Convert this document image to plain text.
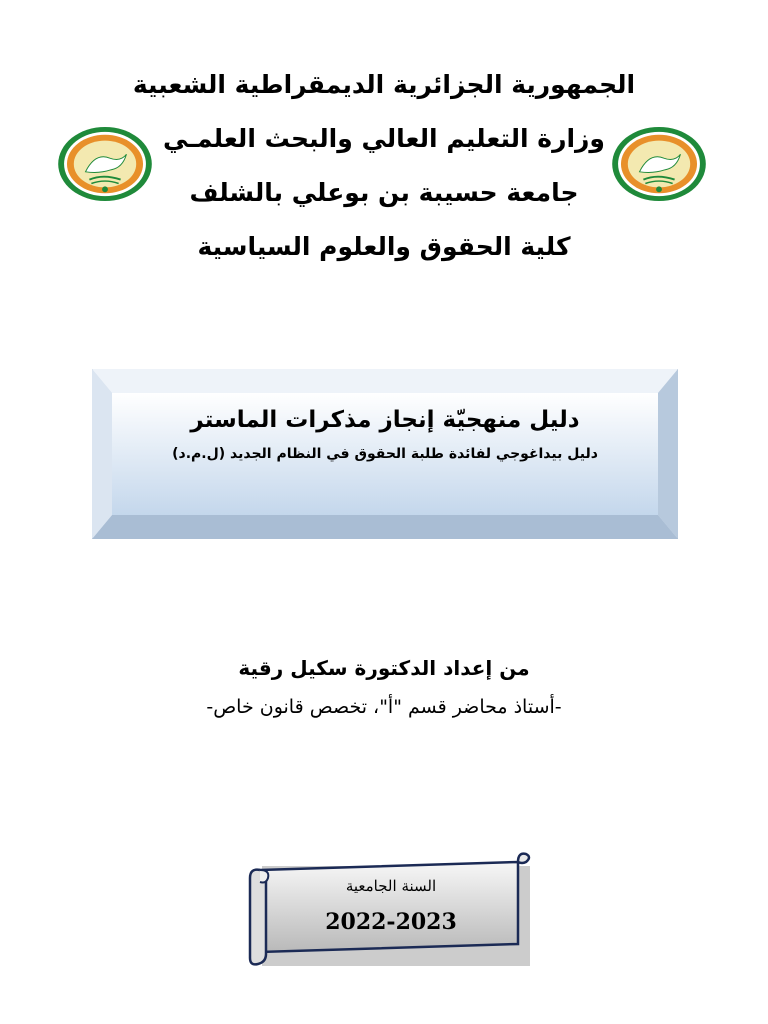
الجمهورية الجزائرية الديمقراطية الشعبية
وزارة التعليم العالي والبحث العلمـي
جامعة حسيبة بن بوعلي بالشلف
كلية الحقوق والعلوم السياسية
دليل منهجيّة إنجاز مذكرات الماستر
دليل بيداغوجي لفائدة طلبة الحقوق في النظام الجديد (ل.م.د)
من إعداد الدكتورة سكيل رقية
-أستاذ محاضر قسم "أ"، تخصص قانون خاص-
السنة الجامعية
2022-2023
